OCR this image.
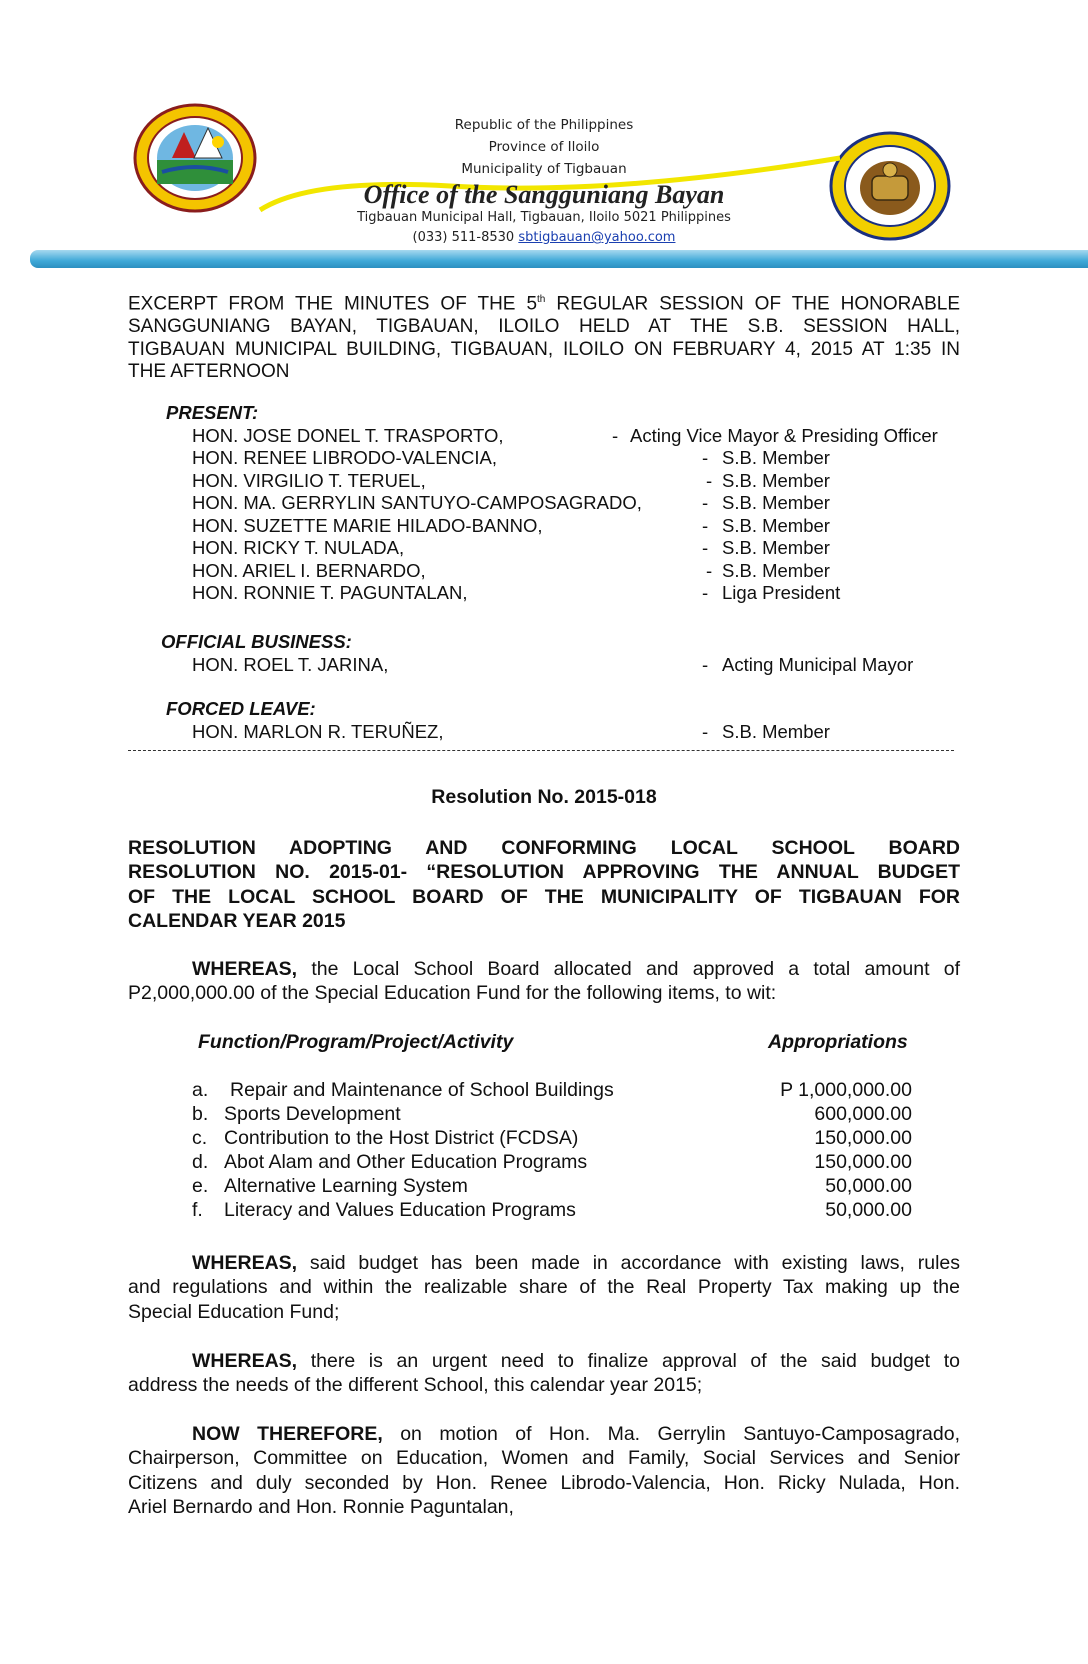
Republic of the Philippines
Province of Iloilo
Municipality of Tigbauan
Office of the Sangguniang Bayan
Tigbauan Municipal Hall, Tigbauan, Iloilo 5021 Philippines
(033) 511-8530 sbtigbauan@yahoo.com
EXCERPT FROM THE MINUTES OF THE 5th REGULAR SESSION OF THE HONORABLE
SANGGUNIANG BAYAN, TIGBAUAN, ILOILO HELD AT THE S.B. SESSION HALL,
TIGBAUAN MUNICIPAL BUILDING, TIGBAUAN, ILOILO ON FEBRUARY 4, 2015 AT 1:35 IN
THE AFTERNOON
PRESENT:
HON. JOSE DONEL T. TRASPORTO,	- Acting Vice Mayor & Presiding Officer
HON. RENEE LIBRODO-VALENCIA,	- S.B. Member
HON. VIRGILIO T. TERUEL,	- S.B. Member
HON. MA. GERRYLIN SANTUYO-CAMPOSAGRADO,	- S.B. Member
HON. SUZETTE MARIE HILADO-BANNO,	- S.B. Member
HON. RICKY T. NULADA,	- S.B. Member
HON. ARIEL I. BERNARDO,	- S.B. Member
HON. RONNIE T. PAGUNTALAN,	- Liga President
OFFICIAL BUSINESS:
HON. ROEL T. JARINA,	- Acting Municipal Mayor
FORCED LEAVE:
HON. MARLON R. TERUÑEZ,	- S.B. Member
Resolution No. 2015-018
RESOLUTION ADOPTING AND CONFORMING LOCAL SCHOOL BOARD
RESOLUTION NO. 2015-01- “RESOLUTION APPROVING THE ANNUAL BUDGET
OF THE LOCAL SCHOOL BOARD OF THE MUNICIPALITY OF TIGBAUAN FOR
CALENDAR YEAR 2015
WHEREAS, the Local School Board allocated and approved a total amount of
P2,000,000.00 of the Special Education Fund for the following items, to wit:
Function/Program/Project/Activity	Appropriations
a. Repair and Maintenance of School Buildings	P 1,000,000.00
b. Sports Development	600,000.00
c. Contribution to the Host District (FCDSA)	150,000.00
d. Abot Alam and Other Education Programs	150,000.00
e. Alternative Learning System	50,000.00
f. Literacy and Values Education Programs	50,000.00
WHEREAS, said budget has been made in accordance with existing laws, rules
and regulations and within the realizable share of the Real Property Tax making up the
Special Education Fund;
WHEREAS, there is an urgent need to finalize approval of the said budget to
address the needs of the different School, this calendar year 2015;
NOW THEREFORE, on motion of Hon. Ma. Gerrylin Santuyo-Camposagrado,
Chairperson, Committee on Education, Women and Family, Social Services and Senior
Citizens and duly seconded by Hon. Renee Librodo-Valencia, Hon. Ricky Nulada, Hon.
Ariel Bernardo and Hon. Ronnie Paguntalan,
